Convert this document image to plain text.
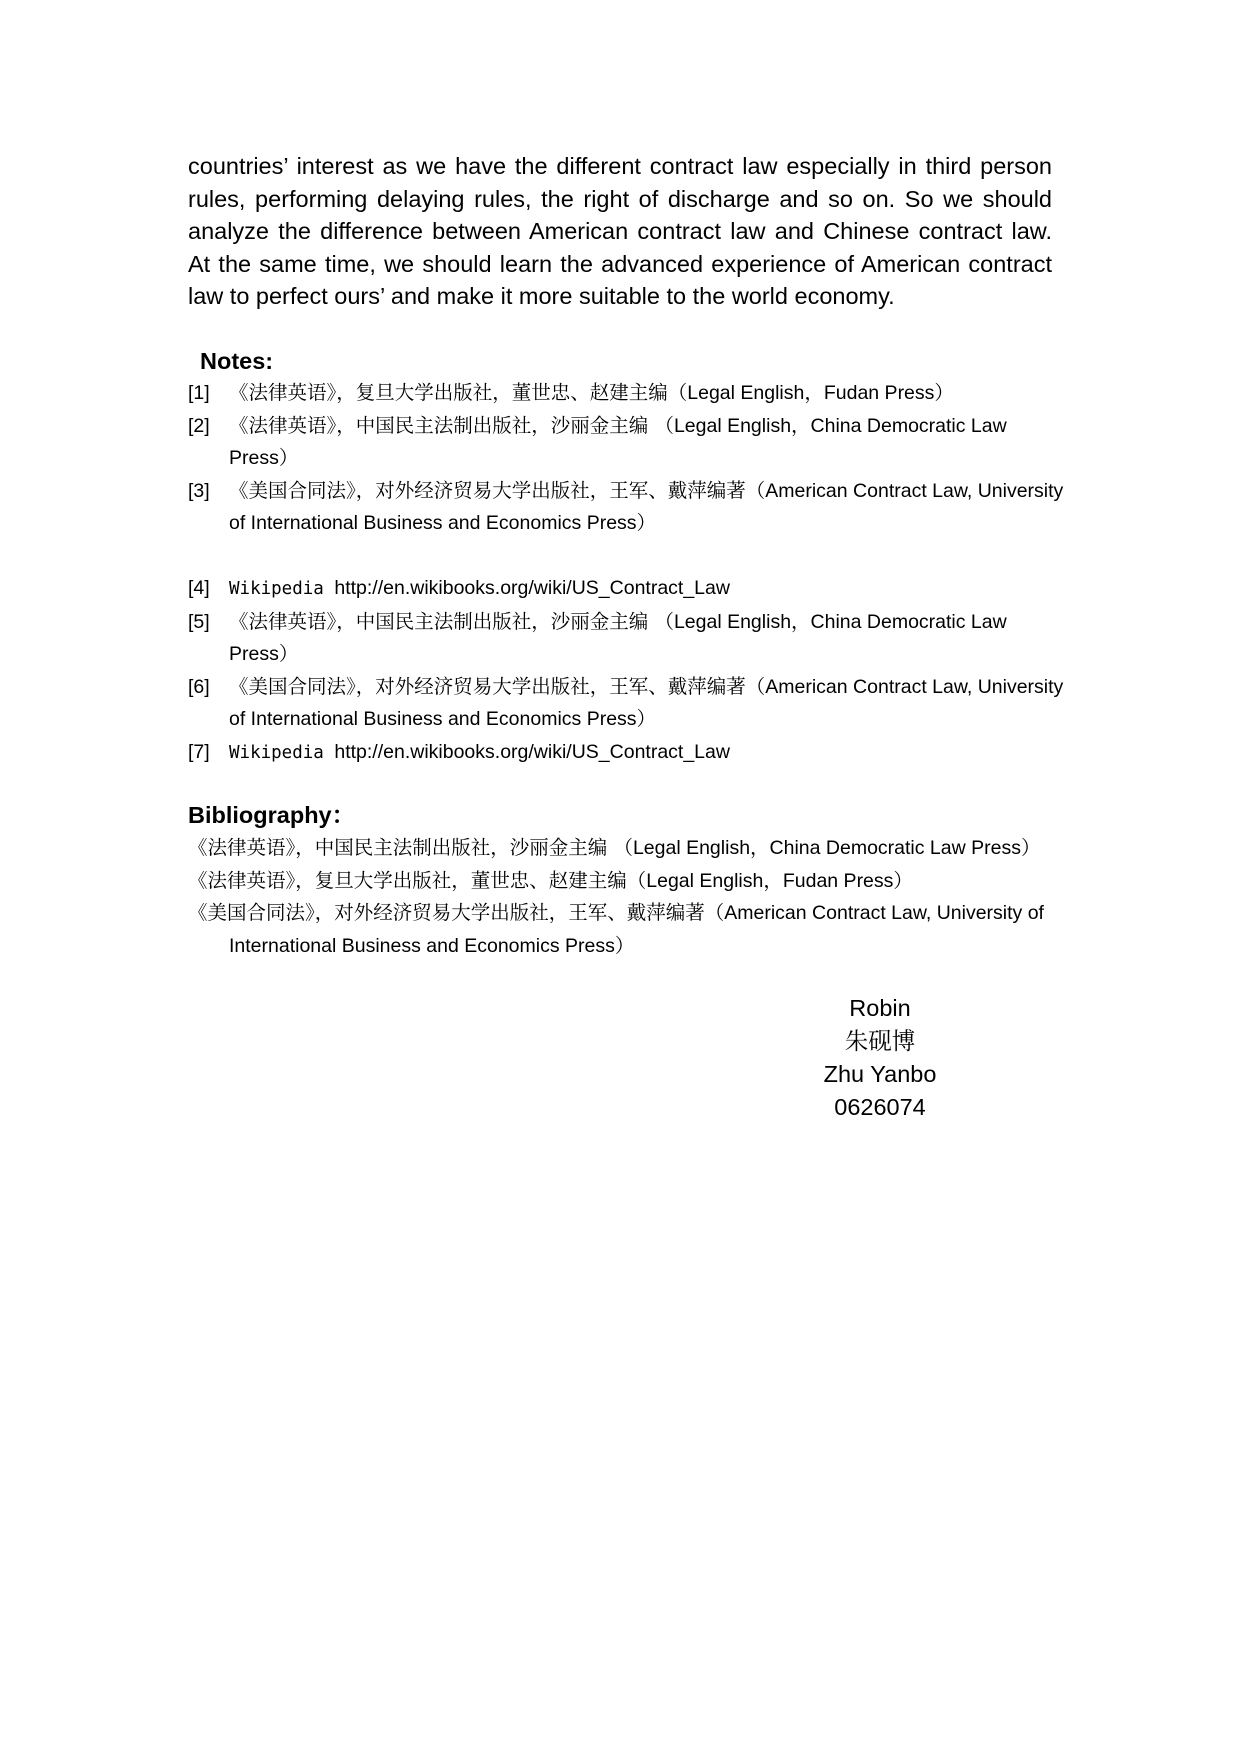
countries’ interest as we have the different contract law especially in third person rules, performing delaying rules, the right of discharge and so on. So we should analyze the difference between American contract law and Chinese contract law. At the same time, we should learn the advanced experience of American contract law to perfect ours’ and make it more suitable to the world economy.

Notes:
[1] 《法律英语》，复旦大学出版社，董世忠、赵建主编（Legal English，Fudan Press）
[2] 《法律英语》，中国民主法制出版社，沙丽金主编 （Legal English，China Democratic Law Press）
[3] 《美国合同法》，对外经济贸易大学出版社，王军、戴萍编著（American Contract Law, University of International Business and Economics Press）
[4] Wikipedia http://en.wikibooks.org/wiki/US_Contract_Law
[5] 《法律英语》，中国民主法制出版社，沙丽金主编 （Legal English，China Democratic Law Press）
[6] 《美国合同法》，对外经济贸易大学出版社，王军、戴萍编著（American Contract Law, University of International Business and Economics Press）
[7] Wikipedia http://en.wikibooks.org/wiki/US_Contract_Law
Bibliography：
《法律英语》，中国民主法制出版社，沙丽金主编 （Legal English，China Democratic Law Press）
《法律英语》，复旦大学出版社，董世忠、赵建主编（Legal English，Fudan Press）
《美国合同法》，对外经济贸易大学出版社，王军、戴萍编著（American Contract Law, University of International Business and Economics Press）
Robin
朱砚博
Zhu Yanbo
0626074
